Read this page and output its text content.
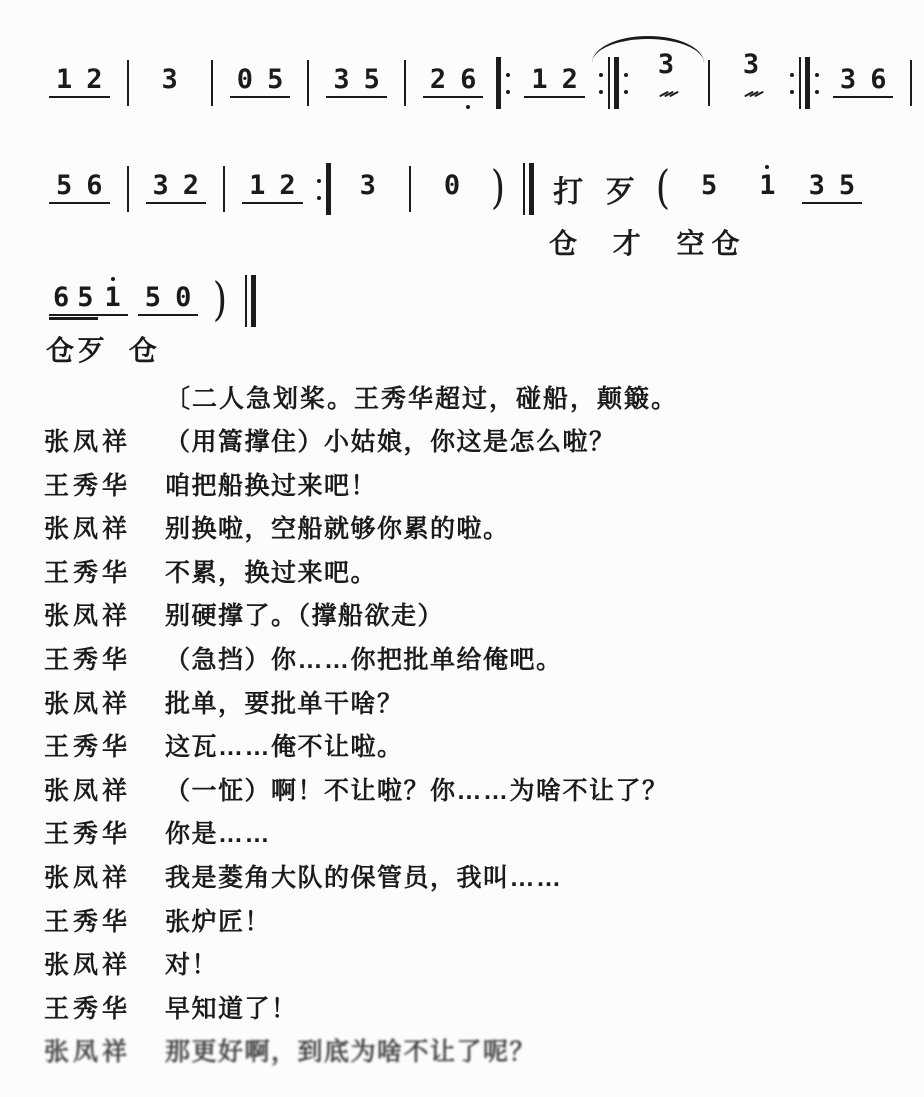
1 2 3 0 5 3 5 2 6 1 2	3	3	3 6
5 6 3 2 1 2 3	0 ) 打 歹 ( 5 1 3 5
仓 才 空仓
6 5 1 5 0 )
仓歹 仓
〔二人急划桨。王秀华超过，碰船，颠簸。
张凤祥	（用篙撑住）小姑娘，你这是怎么啦？
王秀华	咱把船换过来吧！
张凤祥	别换啦，空船就够你累的啦。
王秀华	不累，换过来吧。
张凤祥	别硬撑了。（撑船欲走）
王秀华	（急挡）你……你把批单给俺吧。
张凤祥	批单，要批单干啥？
王秀华	这瓦……俺不让啦。
张凤祥	（一怔）啊！不让啦？你……为啥不让了？
王秀华	你是……
张凤祥	我是菱角大队的保管员，我叫……
王秀华	张炉匠！
张凤祥	对！
王秀华	早知道了！
张凤祥	那更好啊，到底为啥不让了呢？
